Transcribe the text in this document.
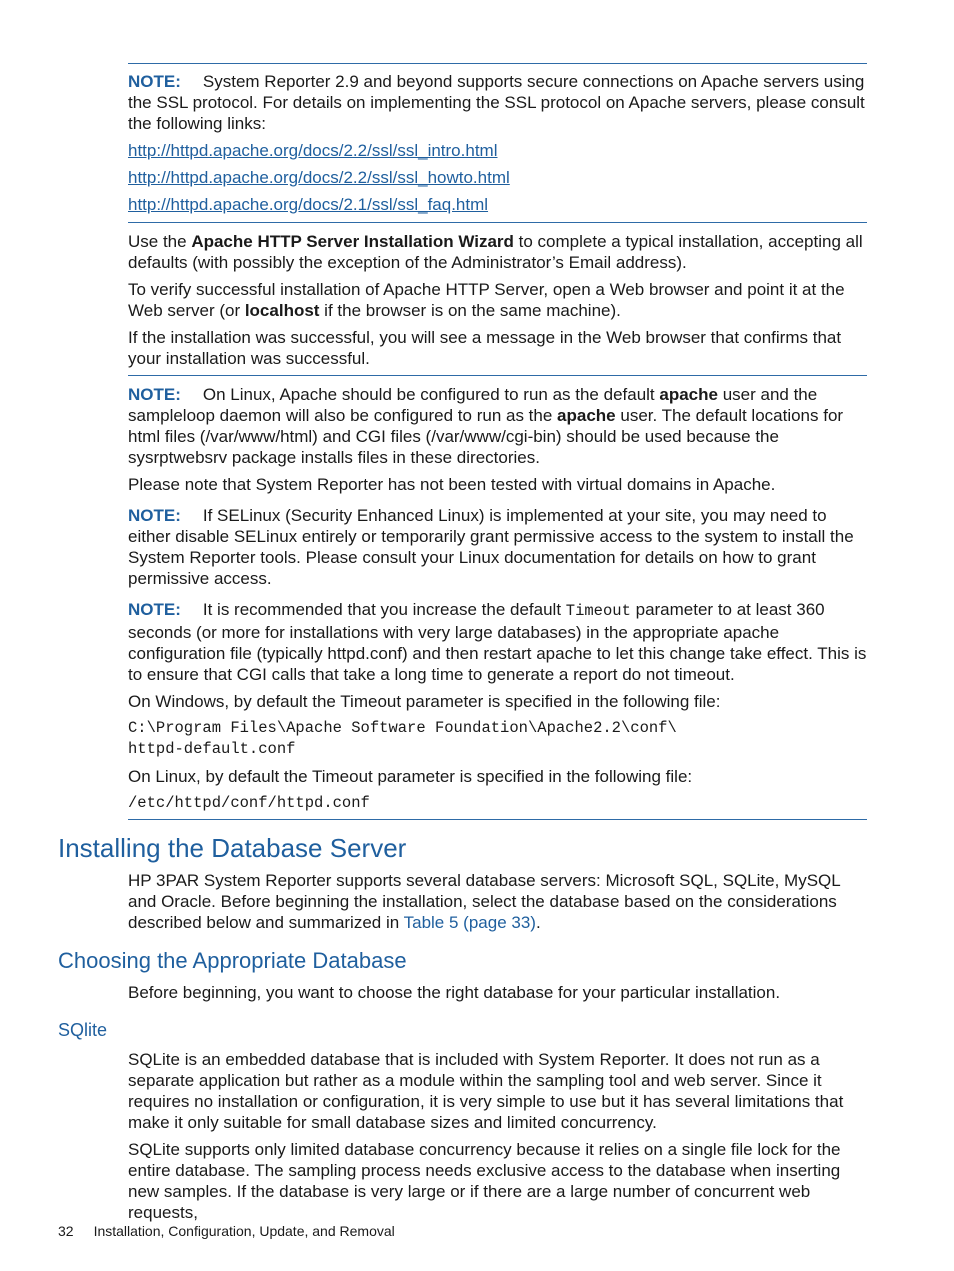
NOTE: System Reporter 2.9 and beyond supports secure connections on Apache servers using the SSL protocol. For details on implementing the SSL protocol on Apache servers, please consult the following links:

http://httpd.apache.org/docs/2.2/ssl/ssl_intro.html

http://httpd.apache.org/docs/2.2/ssl/ssl_howto.html

http://httpd.apache.org/docs/2.1/ssl/ssl_faq.html

Use the Apache HTTP Server Installation Wizard to complete a typical installation, accepting all defaults (with possibly the exception of the Administrator’s Email address).

To verify successful installation of Apache HTTP Server, open a Web browser and point it at the Web server (or localhost if the browser is on the same machine).

If the installation was successful, you will see a message in the Web browser that confirms that your installation was successful.

NOTE: On Linux, Apache should be configured to run as the default apache user and the sampleloop daemon will also be configured to run as the apache user. The default locations for html files (/var/www/html) and CGI files (/var/www/cgi-bin) should be used because the sysrptwebsrv package installs files in these directories.

Please note that System Reporter has not been tested with virtual domains in Apache.

NOTE: If SELinux (Security Enhanced Linux) is implemented at your site, you may need to either disable SELinux entirely or temporarily grant permissive access to the system to install the System Reporter tools. Please consult your Linux documentation for details on how to grant permissive access.

NOTE: It is recommended that you increase the default Timeout parameter to at least 360 seconds (or more for installations with very large databases) in the appropriate apache configuration file (typically httpd.conf) and then restart apache to let this change take effect. This is to ensure that CGI calls that take a long time to generate a report do not timeout.

On Windows, by default the Timeout parameter is specified in the following file:

C:\Program Files\Apache Software Foundation\Apache2.2\conf\
httpd-default.conf

On Linux, by default the Timeout parameter is specified in the following file:

/etc/httpd/conf/httpd.conf

Installing the Database Server

HP 3PAR System Reporter supports several database servers: Microsoft SQL, SQLite, MySQL and Oracle. Before beginning the installation, select the database based on the considerations described below and summarized in Table 5 (page 33).

Choosing the Appropriate Database

Before beginning, you want to choose the right database for your particular installation.

SQlite

SQLite is an embedded database that is included with System Reporter. It does not run as a separate application but rather as a module within the sampling tool and web server. Since it requires no installation or configuration, it is very simple to use but it has several limitations that make it only suitable for small database sizes and limited concurrency.

SQLite supports only limited database concurrency because it relies on a single file lock for the entire database. The sampling process needs exclusive access to the database when inserting new samples. If the database is very large or if there are a large number of concurrent web requests,

32 Installation, Configuration, Update, and Removal
